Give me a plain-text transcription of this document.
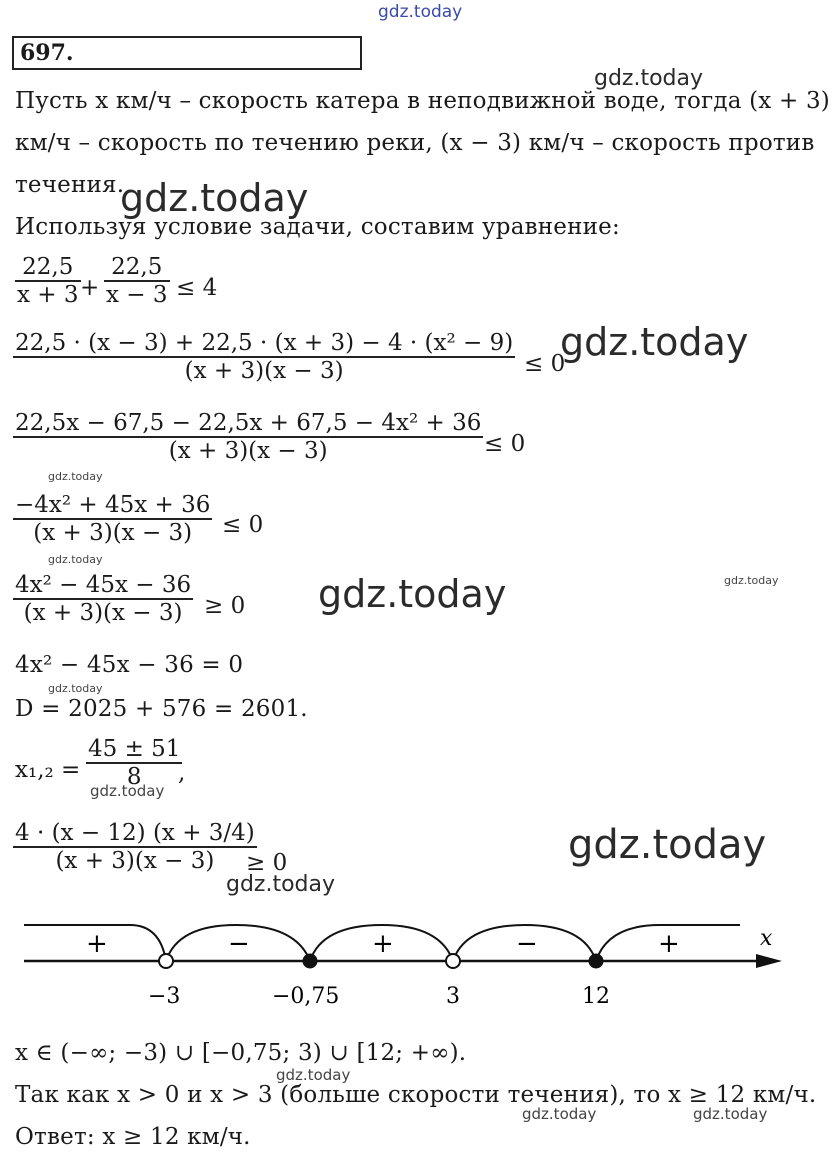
gdz.today
gdz.today
gdz.today
gdz.today
gdz.today
gdz.today
gdz.today	gdz.today
gdz.today
gdz.today
gdz.today
gdz.today
gdz.today
gdz.today	gdz.today
697.
Пусть x км/ч – скорость катера в неподвижной воде, тогда (x + 3)
км/ч – скорость по течению реки, (x − 3) км/ч – скорость против
течения.
Используя условие задачи, составим уравнение:
22,5
x + 3 +
22,5
x − 3 ≤ 4
22,5 · (x − 3) + 22,5 · (x + 3) − 4 · (x² − 9)
(x + 3)(x − 3)	≤ 0
22,5x − 67,5 − 22,5x + 67,5 − 4x² + 36
(x + 3)(x − 3)	≤ 0
−4x² + 45x + 36
(x + 3)(x − 3) ≤ 0
4x² − 45x − 36
(x + 3)(x − 3) ≥ 0
4x² − 45x − 36 = 0
D = 2025 + 576 = 2601.
x₁,₂ =
45 ± 51
8 ,
4 · (x − 12) (x + 3/4)
(x + 3)(x − 3) ≥ 0
x
+	−	+	−	+
−3	−0,75	3	12
x ∈ (−∞; −3) ∪ [−0,75; 3) ∪ [12; +∞).
Так как x > 0 и x > 3 (больше скорости течения), то x ≥ 12 км/ч.
Ответ: x ≥ 12 км/ч.
